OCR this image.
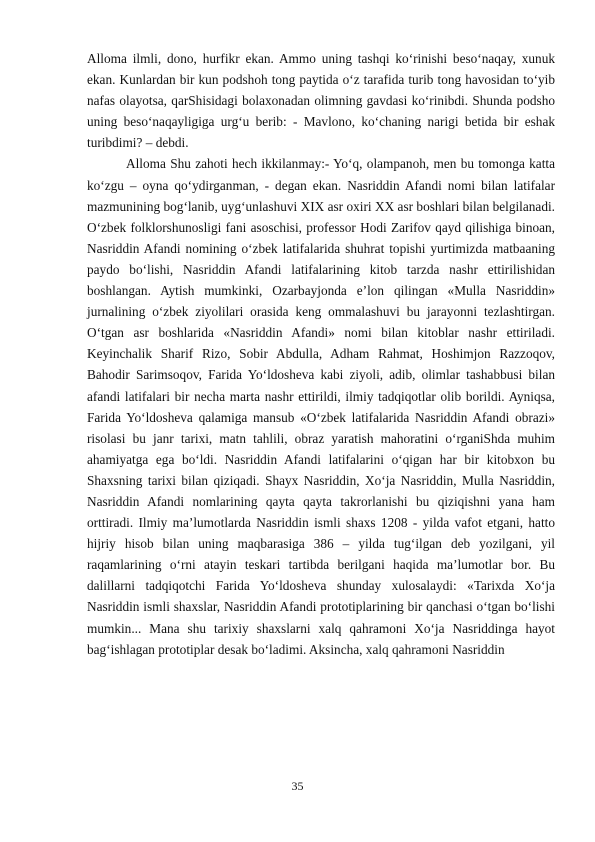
Alloma ilmli, dono, hurfikr ekan. Ammo uning tashqi koʻrinishi besoʻnaqay, xunuk ekan. Kunlardan bir kun podshoh tong paytida oʻz tarafida turib tong havosidan toʻyib nafas olayotsa, qarShisidagi bolaxonadan olimning gavdasi koʻrinibdi. Shunda podsho uning besoʻnaqayligiga urgʻu berib: - Mavlono, koʻchaning narigi betida bir eshak turibdimi? – debdi.

Alloma Shu zahoti hech ikkilanmay:- Yoʻq, olampanoh, men bu tomonga katta koʻzgu – oyna qoʻydirganman, - degan ekan. Nasriddin Afandi nomi bilan latifalar mazmunining bogʻlanib, uygʻunlashuvi XIX asr oxiri XX asr boshlari bilan belgilanadi. Oʻzbek folklorshunosligi fani asoschisi, professor Hodi Zarifov qayd qilishiga binoan, Nasriddin Afandi nomining oʻzbek latifalarida shuhrat topishi yurtimizda matbaaning paydo boʻlishi, Nasriddin Afandi latifalarining kitob tarzda nashr ettirilishidan boshlangan. Aytish mumkinki, Ozarbayjonda eʼlon qilingan «Mulla Nasriddin» jurnalining oʻzbek ziyolilari orasida keng ommalashuvi bu jarayonni tezlashtirgan. Oʻtgan asr boshlarida «Nasriddin Afandi» nomi bilan kitoblar nashr ettiriladi. Keyinchalik Sharif Rizo, Sobir Abdulla, Adham Rahmat, Hoshimjon Razzoqov, Bahodir Sarimsoqov, Farida Yoʻldosheva kabi ziyoli, adib, olimlar tashabbusi bilan afandi latifalari bir necha marta nashr ettirildi, ilmiy tadqiqotlar olib borildi. Ayniqsa, Farida Yoʻldosheva qalamiga mansub «Oʻzbek latifalarida Nasriddin Afandi obrazi» risolasi bu janr tarixi, matn tahlili, obraz yaratish mahoratini oʻrganiShda muhim ahamiyatga ega boʻldi. Nasriddin Afandi latifalarini oʻqigan har bir kitobxon bu Shaxsning tarixi bilan qiziqadi. Shayx Nasriddin, Xoʻja Nasriddin, Mulla Nasriddin, Nasriddin Afandi nomlarining qayta qayta takrorlanishi bu qiziqishni yana ham orttiradi. Ilmiy maʼlumotlarda Nasriddin ismli shaxs 1208 - yilda vafot etgani, hatto hijriy hisob bilan uning maqbarasiga 386 – yilda tugʻilgan deb yozilgani, yil raqamlarining oʻrni atayin teskari tartibda berilgani haqida maʼlumotlar bor. Bu dalillarni tadqiqotchi Farida Yoʻldosheva shunday xulosalaydi: «Tarixda Xoʻja Nasriddin ismli shaxslar, Nasriddin Afandi prototiplarining bir qanchasi oʻtgan boʻlishi mumkin... Mana shu tarixiy shaxslarni xalq qahramoni Xoʻja Nasriddinga hayot bagʻishlagan prototiplar desak boʻladimi. Aksincha, xalq qahramoni Nasriddin

35
